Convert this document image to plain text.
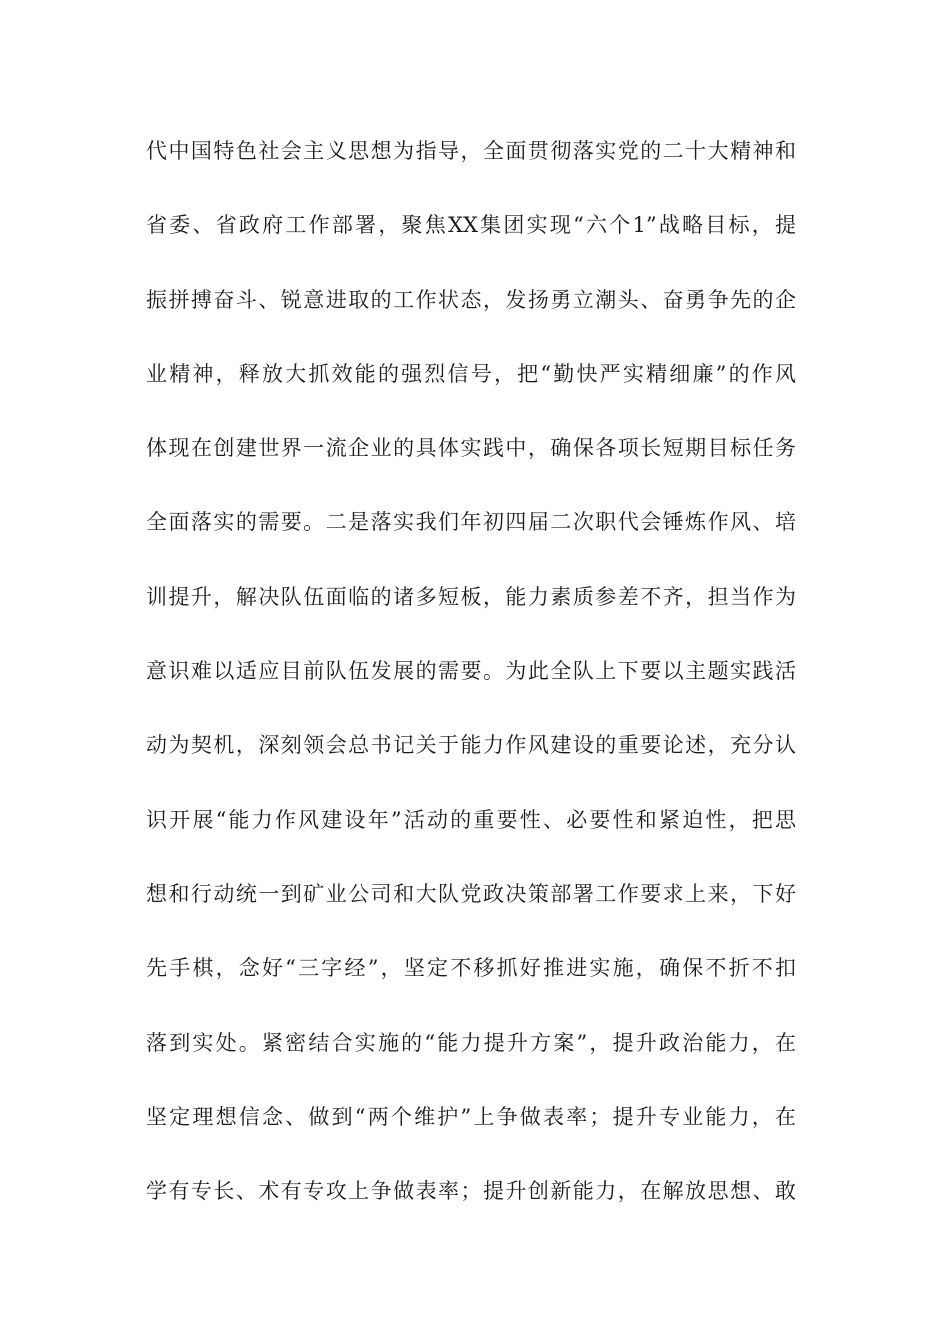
代中国特色社会主义思想为指导，全面贯彻落实党的二十大精神和
省委、省政府工作部署，聚焦XX集团实现“六个1”战略目标，提
振拼搏奋斗、锐意进取的工作状态，发扬勇立潮头、奋勇争先的企
业精神，释放大抓效能的强烈信号，把“勤快严实精细廉”的作风
体现在创建世界一流企业的具体实践中，确保各项长短期目标任务
全面落实的需要。二是落实我们年初四届二次职代会锤炼作风、培
训提升，解决队伍面临的诸多短板，能力素质参差不齐，担当作为
意识难以适应目前队伍发展的需要。为此全队上下要以主题实践活
动为契机，深刻领会总书记关于能力作风建设的重要论述，充分认
识开展“能力作风建设年”活动的重要性、必要性和紧迫性，把思
想和行动统一到矿业公司和大队党政决策部署工作要求上来，下好
先手棋，念好“三字经”，坚定不移抓好推进实施，确保不折不扣
落到实处。紧密结合实施的“能力提升方案”，提升政治能力，在
坚定理想信念、做到“两个维护”上争做表率；提升专业能力，在
学有专长、术有专攻上争做表率；提升创新能力，在解放思想、敢
